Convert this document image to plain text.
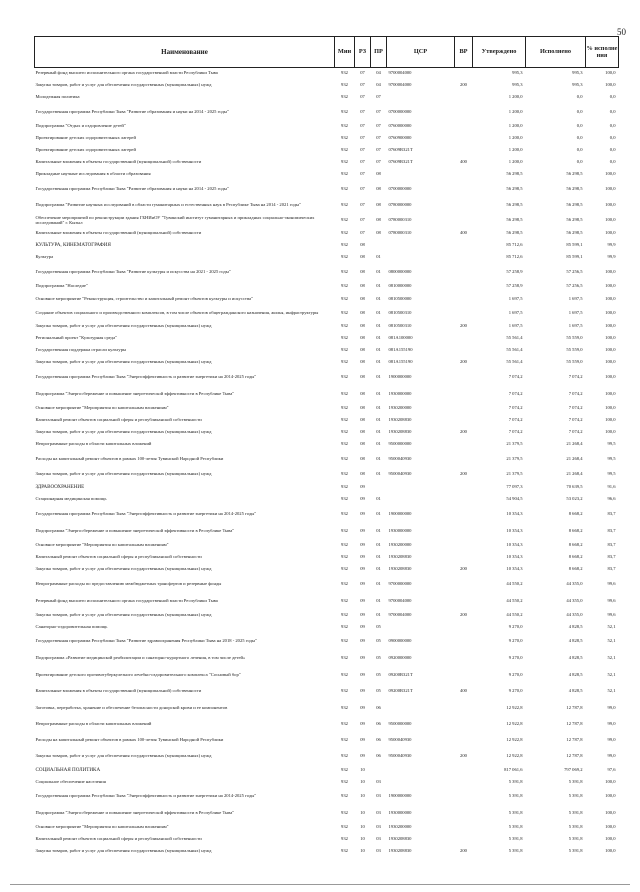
50
Наименование	Мин	РЗ	ПР	ЦСР	ВР	Утверждено	Исполнено	% исполне ния
Резервный фонд высшего исполнительного органа государственной власти Республики Тыва	932	07	04	9700004000		995,3	995,3	100,0
Закупка товаров, работ и услуг для обеспечения государственных (муниципальных) нужд	932	07	04	9700004000	200	995,3	995,3	100,0
Молодежная политика	932	07	07			1 200,0	0,0	0,0
Государственная программа Республики Тыва "Развитие образования и науки на 2014 - 2025 годы"	932	07	07	0700000000		1 200,0	0,0	0,0
Подпрограмма "Отдых и оздоровление детей"	932	07	07	0760000000		1 200,0	0,0	0,0
Проектирование детских оздоровительных лагерей	932	07	07	0760900000		1 200,0	0,0	0,0
Проектирование детских оздоровительных лагерей	932	07	07	07609R321T		1 200,0	0,0	0,0
Капитальные вложения в объекты государственной (муниципальной) собственности	932	07	07	07609R321T	400	1 200,0	0,0	0,0
Прикладные научные исследования в области образования	932	07	08			56 298,5	56 298,5	100,0
Государственная программа Республики Тыва "Развитие образования и науки на 2014 - 2025 годы"	932	07	08	0700000000		56 298,5	56 298,5	100,0
Подпрограмма "Развитие научных исследований в области гуманитарных и естественных наук в Республике Тыва на 2014 - 2021 годы"	932	07	08	0780000000		56 298,5	56 298,5	100,0
Обеспечение мероприятий по реконструкции здания ГБНИиОУ "Тувинский институт гуманитарных и прикладных социально-экономических исследований" г. Кызыл	932	07	08	0780000310		56 298,5	56 298,5	100,0
Капитальные вложения в объекты государственной (муниципальной) собственности	932	07	08	0780000310	400	56 298,5	56 298,5	100,0
КУЛЬТУРА, КИНЕМАТОГРАФИЯ	932	08				85 712,6	85 599,1	99,9
Культура	932	08	01			85 712,6	85 599,1	99,9
Государственная программа Республики Тыва "Развитие культуры и искусства на 2021 - 2025 годы"	932	08	01	0800000000		57 258,9	57 256,5	100,0
Подпрограмма "Наследие"	932	08	01	0810000000		57 258,9	57 256,5	100,0
Основное мероприятие "Реконструкция, строительство и капитальный ремонт объектов культуры и искусства"	932	08	01	0810500000		1 697,5	1 697,5	100,0
Создание объектов социального и производственного комплексов, в том числе объектов общегражданского назначения, жилья, инфраструктуры	932	08	01	0810500310		1 697,5	1 697,5	100,0
Закупка товаров, работ и услуг для обеспечения государственных (муниципальных) нужд	932	08	01	0810500310	200	1 697,5	1 697,5	100,0
Региональный проект "Культурная среда"	932	08	01	081A100000		55 561,4	55 559,0	100,0
Государственная поддержка отрасли культуры	932	08	01	081A155190		55 561,4	55 559,0	100,0
Закупка товаров, работ и услуг для обеспечения государственных (муниципальных) нужд	932	08	01	081A155190	200	55 561,4	55 559,0	100,0
Государственная программа Республики Тыва "Энергоэффективность и развитие энергетики на 2014-2025 годы"	932	08	01	1900000000		7 074,2	7 074,2	100,0
Подпрограмма "Энергосбережение и повышение энергетической эффективности в Республике Тыва"	932	08	01	1930000000		7 074,2	7 074,2	100,0
Основное мероприятие "Мероприятия по капитальным вложениям"	932	08	01	1930200000		7 074,2	7 074,2	100,0
Капитальный ремонт объектов социальной сферы и республиканской собственности	932	08	01	1930208830		7 074,2	7 074,2	100,0
Закупка товаров, работ и услуг для обеспечения государственных (муниципальных) нужд	932	08	01	1930208830	200	7 074,2	7 074,2	100,0
Непрограммные расходы в области капитальных вложений	932	08	01	9500000000		21 379,5	21 268,4	99,5
Расходы на капитальный ремонт объектов в рамках 100-летия Тувинской Народной Республики	932	08	01	9500040930		21 379,5	21 268,4	99,5
Закупка товаров, работ и услуг для обеспечения государственных (муниципальных) нужд	932	08	01	9500040930	200	21 379,5	21 268,4	99,5
ЗДРАВООХРАНЕНИЕ	932	09				77 097,3	70 639,5	91,6
Стационарная медицинская помощь	932	09	01			54 904,5	53 023,2	96,6
Государственная программа Республики Тыва "Энергоэффективность и развитие энергетики на 2014-2025 годы"	932	09	01	1900000000		10 354,3	8 668,2	83,7
Подпрограмма "Энергосбережение и повышение энергетической эффективности в Республике Тыва"	932	09	01	1930000000		10 354,3	8 668,2	83,7
Основное мероприятие "Мероприятия по капитальным вложениям"	932	09	01	1930200000		10 354,3	8 668,2	83,7
Капитальный ремонт объектов социальной сферы и республиканской собственности	932	09	01	1930208830		10 354,3	8 668,2	83,7
Закупка товаров, работ и услуг для обеспечения государственных (муниципальных) нужд	932	09	01	1930208830	200	10 354,3	8 668,2	83,7
Непрограммные расходы по предоставлению межбюджетных трансфертов и резервные фонды	932	09	01	9700000000		44 550,2	44 355,0	99,6
Резервный фонд высшего исполнительного органа государственной власти Республики Тыва	932	09	01	9700004000		44 550,2	44 355,0	99,6
Закупка товаров, работ и услуг для обеспечения государственных (муниципальных) нужд	932	09	01	9700004000	200	44 550,2	44 355,0	99,6
Санаторно-оздоровительная помощь	932	09	05			9 270,0	4 828,5	52,1
Государственная программа Республики Тыва "Развитие здравоохранения Республики Тыва на 2018 - 2025 годы"	932	09	05	0900000000		9 270,0	4 828,5	52,1
Подпрограмма «Развитие медицинской реабилитации и санаторно-курортного лечения, в том числе детей»	932	09	05	0920000000		9 270,0	4 828,5	52,1
Проектирование детского противотуберкулезного лечебно-оздоровительного комплекса "Сосновый бор"	932	09	05	09200R321T		9 270,0	4 828,5	52,1
Капитальные вложения в объекты государственной (муниципальной) собственности	932	09	05	09200R321T	400	9 270,0	4 828,5	52,1
Заготовка, переработка, хранение и обеспечение безопасности донорской крови и ее компонентов	932	09	06			12 922,8	12 787,8	99,0
Непрограммные расходы в области капитальных вложений	932	09	06	9500000000		12 922,8	12 787,8	99,0
Расходы на капитальный ремонт объектов в рамках 100-летия Тувинской Народной Республики	932	09	06	9500040930		12 922,8	12 787,8	99,0
Закупка товаров, работ и услуг для обеспечения государственных (муниципальных) нужд	932	09	06	9500040930	200	12 922,8	12 787,8	99,0
СОЦИАЛЬНАЯ ПОЛИТИКА	932	10				817 061,6	797 069,2	97,6
Социальное обеспечение населения	932	10	03			5 391,8	5 391,8	100,0
Государственная программа Республики Тыва "Энергоэффективность и развитие энергетики на 2014-2025 годы"	932	10	03	1900000000		5 391,8	5 391,8	100,0
Подпрограмма "Энергосбережение и повышение энергетической эффективности в Республике Тыва"	932	10	03	1930000000		5 391,8	5 391,8	100,0
Основное мероприятие "Мероприятия по капитальным вложениям"	932	10	03	1930200000		5 391,8	5 391,8	100,0
Капитальный ремонт объектов социальной сферы и республиканской собственности	932	10	03	1930208830		5 391,8	5 391,8	100,0
Закупка товаров, работ и услуг для обеспечения государственных (муниципальных) нужд	932	10	03	1930208830	200	5 391,8	5 391,8	100,0
